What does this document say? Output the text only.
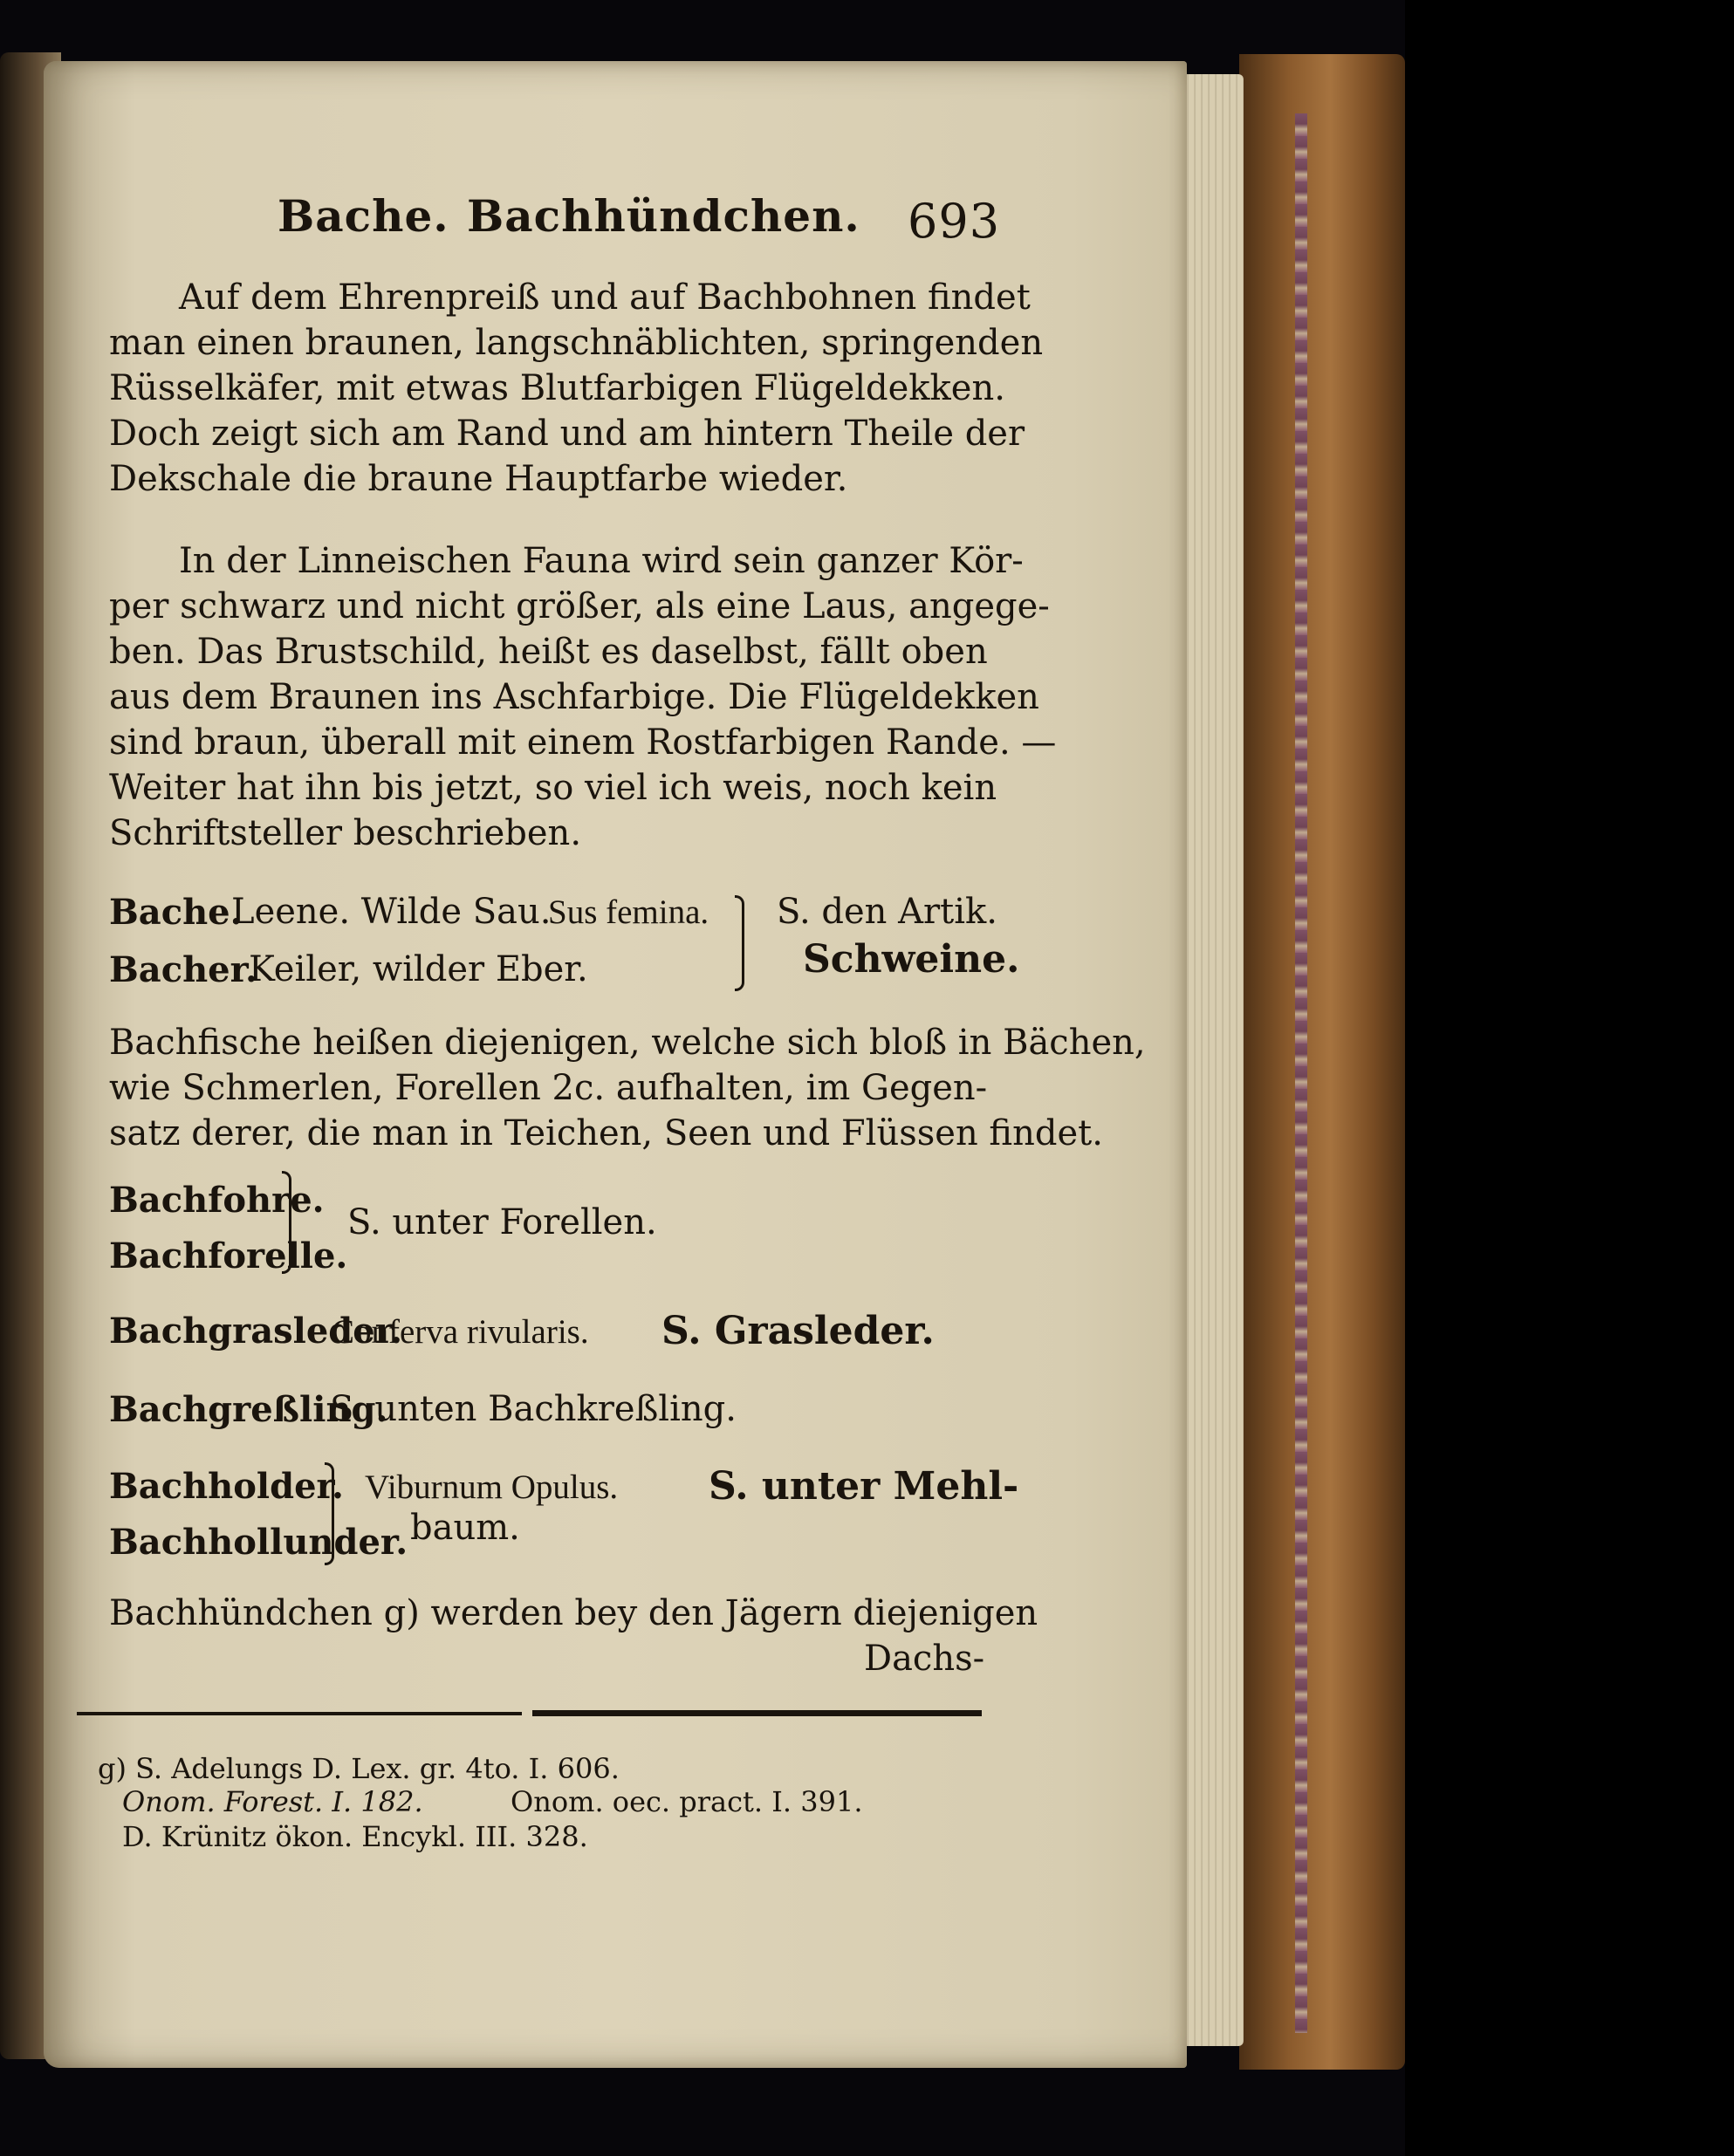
Bache. Bachhündchen. 693
Auf dem Ehrenpreiß und auf Bachbohnen findet
man einen braunen, langschnäblichten, springenden
Rüsselkäfer, mit etwas Blutfarbigen Flügeldekken.
Doch zeigt sich am Rand und am hintern Theile der
Dekschale die braune Hauptfarbe wieder.
In der Linneischen Fauna wird sein ganzer Kör-
per schwarz und nicht größer, als eine Laus, angege-
ben. Das Brustschild, heißt es daselbst, fällt oben
aus dem Braunen ins Aschfarbige. Die Flügeldekken
sind braun, überall mit einem Rostfarbigen Rande. —
Weiter hat ihn bis jetzt, so viel ich weis, noch kein
Schriftsteller beschrieben.
Bache.
Leene. Wilde Sau.
Sus femina.
Bacher.
Keiler, wilder Eber.
S. den Artik.
Schweine.
Bachfische heißen diejenigen, welche sich bloß in Bächen,
wie Schmerlen, Forellen 2c. aufhalten, im Gegen-
satz derer, die man in Teichen, Seen und Flüssen findet.
Bachfohre.
Bachforelle.
S. unter Forellen.
Bachgrasleder.
Conferva rivularis. S. Grasleder.
Bachgreßling.
S. unten Bachkreßling.
Bachholder.
Bachhollunder.
Viburnum Opulus. S. unter Mehl-
baum.
Bachhündchen g) werden bey den Jägern diejenigen
Dachs-
g) S. Adelungs D. Lex. gr. 4to. I. 606.
Onom. Forest. I. 182.	Onom. oec. pract. I. 391.
D. Krünitz ökon. Encykl. III. 328.
